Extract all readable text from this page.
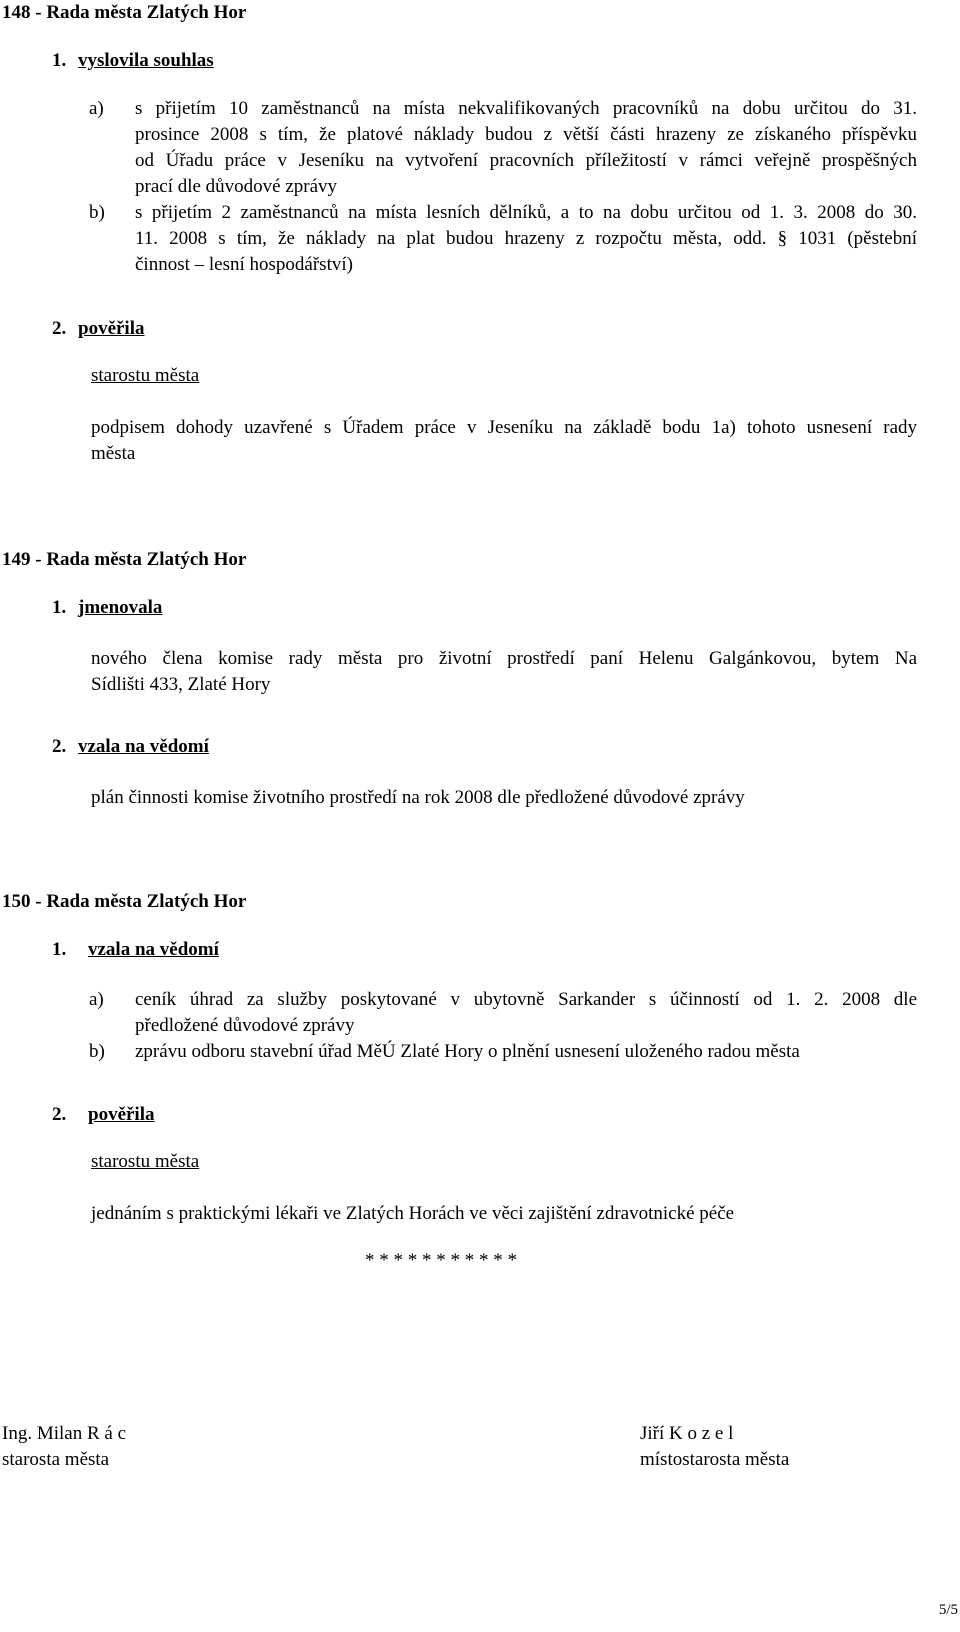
148 - Rada města Zlatých Hor
1. vyslovila souhlas
a) s přijetím 10 zaměstnanců na místa nekvalifikovaných pracovníků na dobu určitou do 31.
prosince 2008 s tím, že platové náklady budou z větší části hrazeny ze získaného příspěvku
od Úřadu práce v Jeseníku na vytvoření pracovních příležitostí v rámci veřejně prospěšných
prací dle důvodové zprávy
b) s přijetím 2 zaměstnanců na místa lesních dělníků, a to na dobu určitou od 1. 3. 2008 do 30.
11. 2008 s tím, že náklady na plat budou hrazeny z rozpočtu města, odd. § 1031 (pěstební
činnost – lesní hospodářství)
2. pověřila
starostu města
podpisem dohody uzavřené s Úřadem práce v Jeseníku na základě bodu 1a) tohoto usnesení rady
města
149 - Rada města Zlatých Hor
1. jmenovala
nového člena komise rady města pro životní prostředí paní Helenu Galgánkovou, bytem Na
Sídlišti 433, Zlaté Hory
2. vzala na vědomí
plán činnosti komise životního prostředí na rok 2008 dle předložené důvodové zprávy
150 - Rada města Zlatých Hor
1. vzala na vědomí
a) ceník úhrad za služby poskytované v ubytovně Sarkander s účinností od 1. 2. 2008 dle
předložené důvodové zprávy
b) zprávu odboru stavební úřad MěÚ Zlaté Hory o plnění usnesení uloženého radou města
2. pověřila
starostu města
jednáním s praktickými lékaři ve Zlatých Horách ve věci zajištění zdravotnické péče
* * * * * * * * * * *
Ing. Milan R á c
starosta města
Jiří K o z e l
místostarosta města
5/5
